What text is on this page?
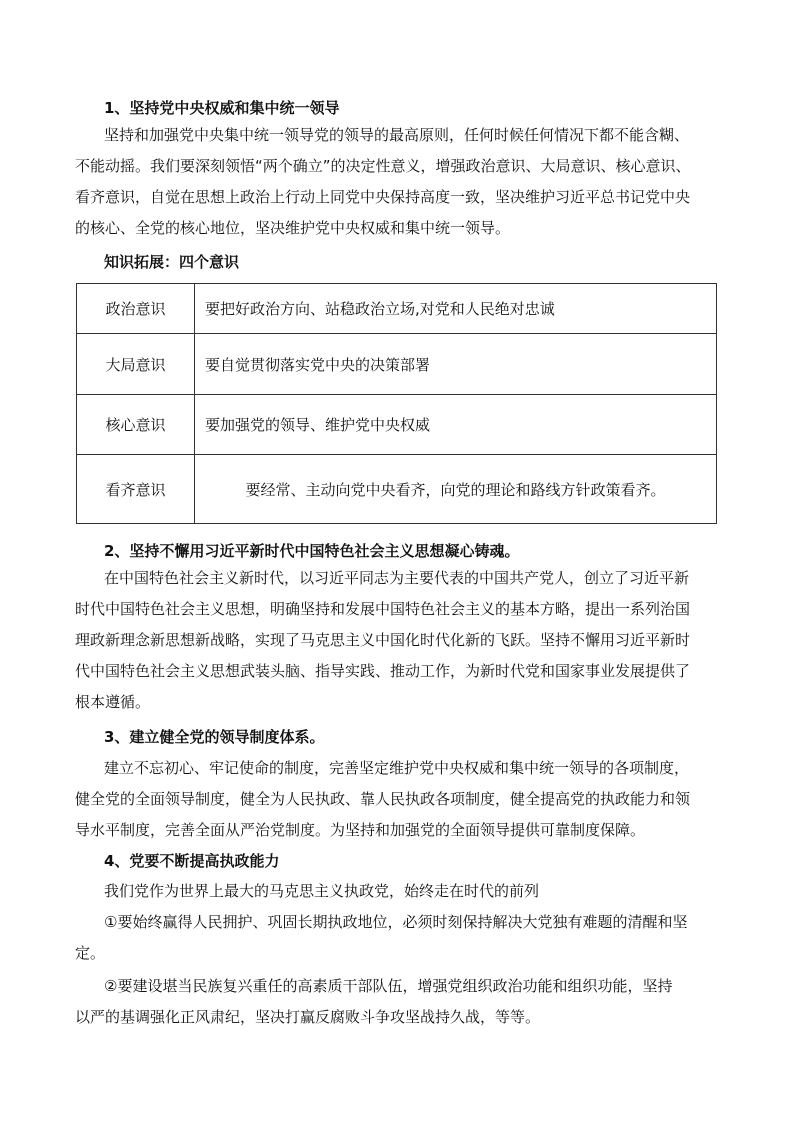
1、坚持党中央权威和集中统一领导
坚持和加强党中央集中统一领导党的领导的最高原则，任何时候任何情况下都不能含糊、
不能动摇。我们要深刻领悟“两个确立”的决定性意义，增强政治意识、大局意识、核心意识、
看齐意识，自觉在思想上政治上行动上同党中央保持高度一致，坚决维护习近平总书记党中央
的核心、全党的核心地位，坚决维护党中央权威和集中统一领导。
知识拓展：四个意识
政治意识	要把好政治方向、站稳政治立场,对党和人民绝对忠诚
大局意识	要自觉贯彻落实党中央的决策部署
核心意识	要加强党的领导、维护党中央权威
看齐意识	要经常、主动向党中央看齐，向党的理论和路线方针政策看齐。
2、坚持不懈用习近平新时代中国特色社会主义思想凝心铸魂。
在中国特色社会主义新时代，以习近平同志为主要代表的中国共产党人，创立了习近平新
时代中国特色社会主义思想，明确坚持和发展中国特色社会主义的基本方略，提出一系列治国
理政新理念新思想新战略，实现了马克思主义中国化时代化新的飞跃。坚持不懈用习近平新时
代中国特色社会主义思想武装头脑、指导实践、推动工作，为新时代党和国家事业发展提供了
根本遵循。
3、建立健全党的领导制度体系。
建立不忘初心、牢记使命的制度，完善坚定维护党中央权威和集中统一领导的各项制度，
健全党的全面领导制度，健全为人民执政、靠人民执政各项制度，健全提高党的执政能力和领
导水平制度，完善全面从严治党制度。为坚持和加强党的全面领导提供可靠制度保障。
4、党要不断提高执政能力
我们党作为世界上最大的马克思主义执政党，始终走在时代的前列
①要始终赢得人民拥护、巩固长期执政地位，必须时刻保持解决大党独有难题的清醒和坚
定。
②要建设堪当民族复兴重任的高素质干部队伍，增强党组织政治功能和组织功能，坚持
以严的基调强化正风肃纪，坚决打赢反腐败斗争攻坚战持久战，等等。
